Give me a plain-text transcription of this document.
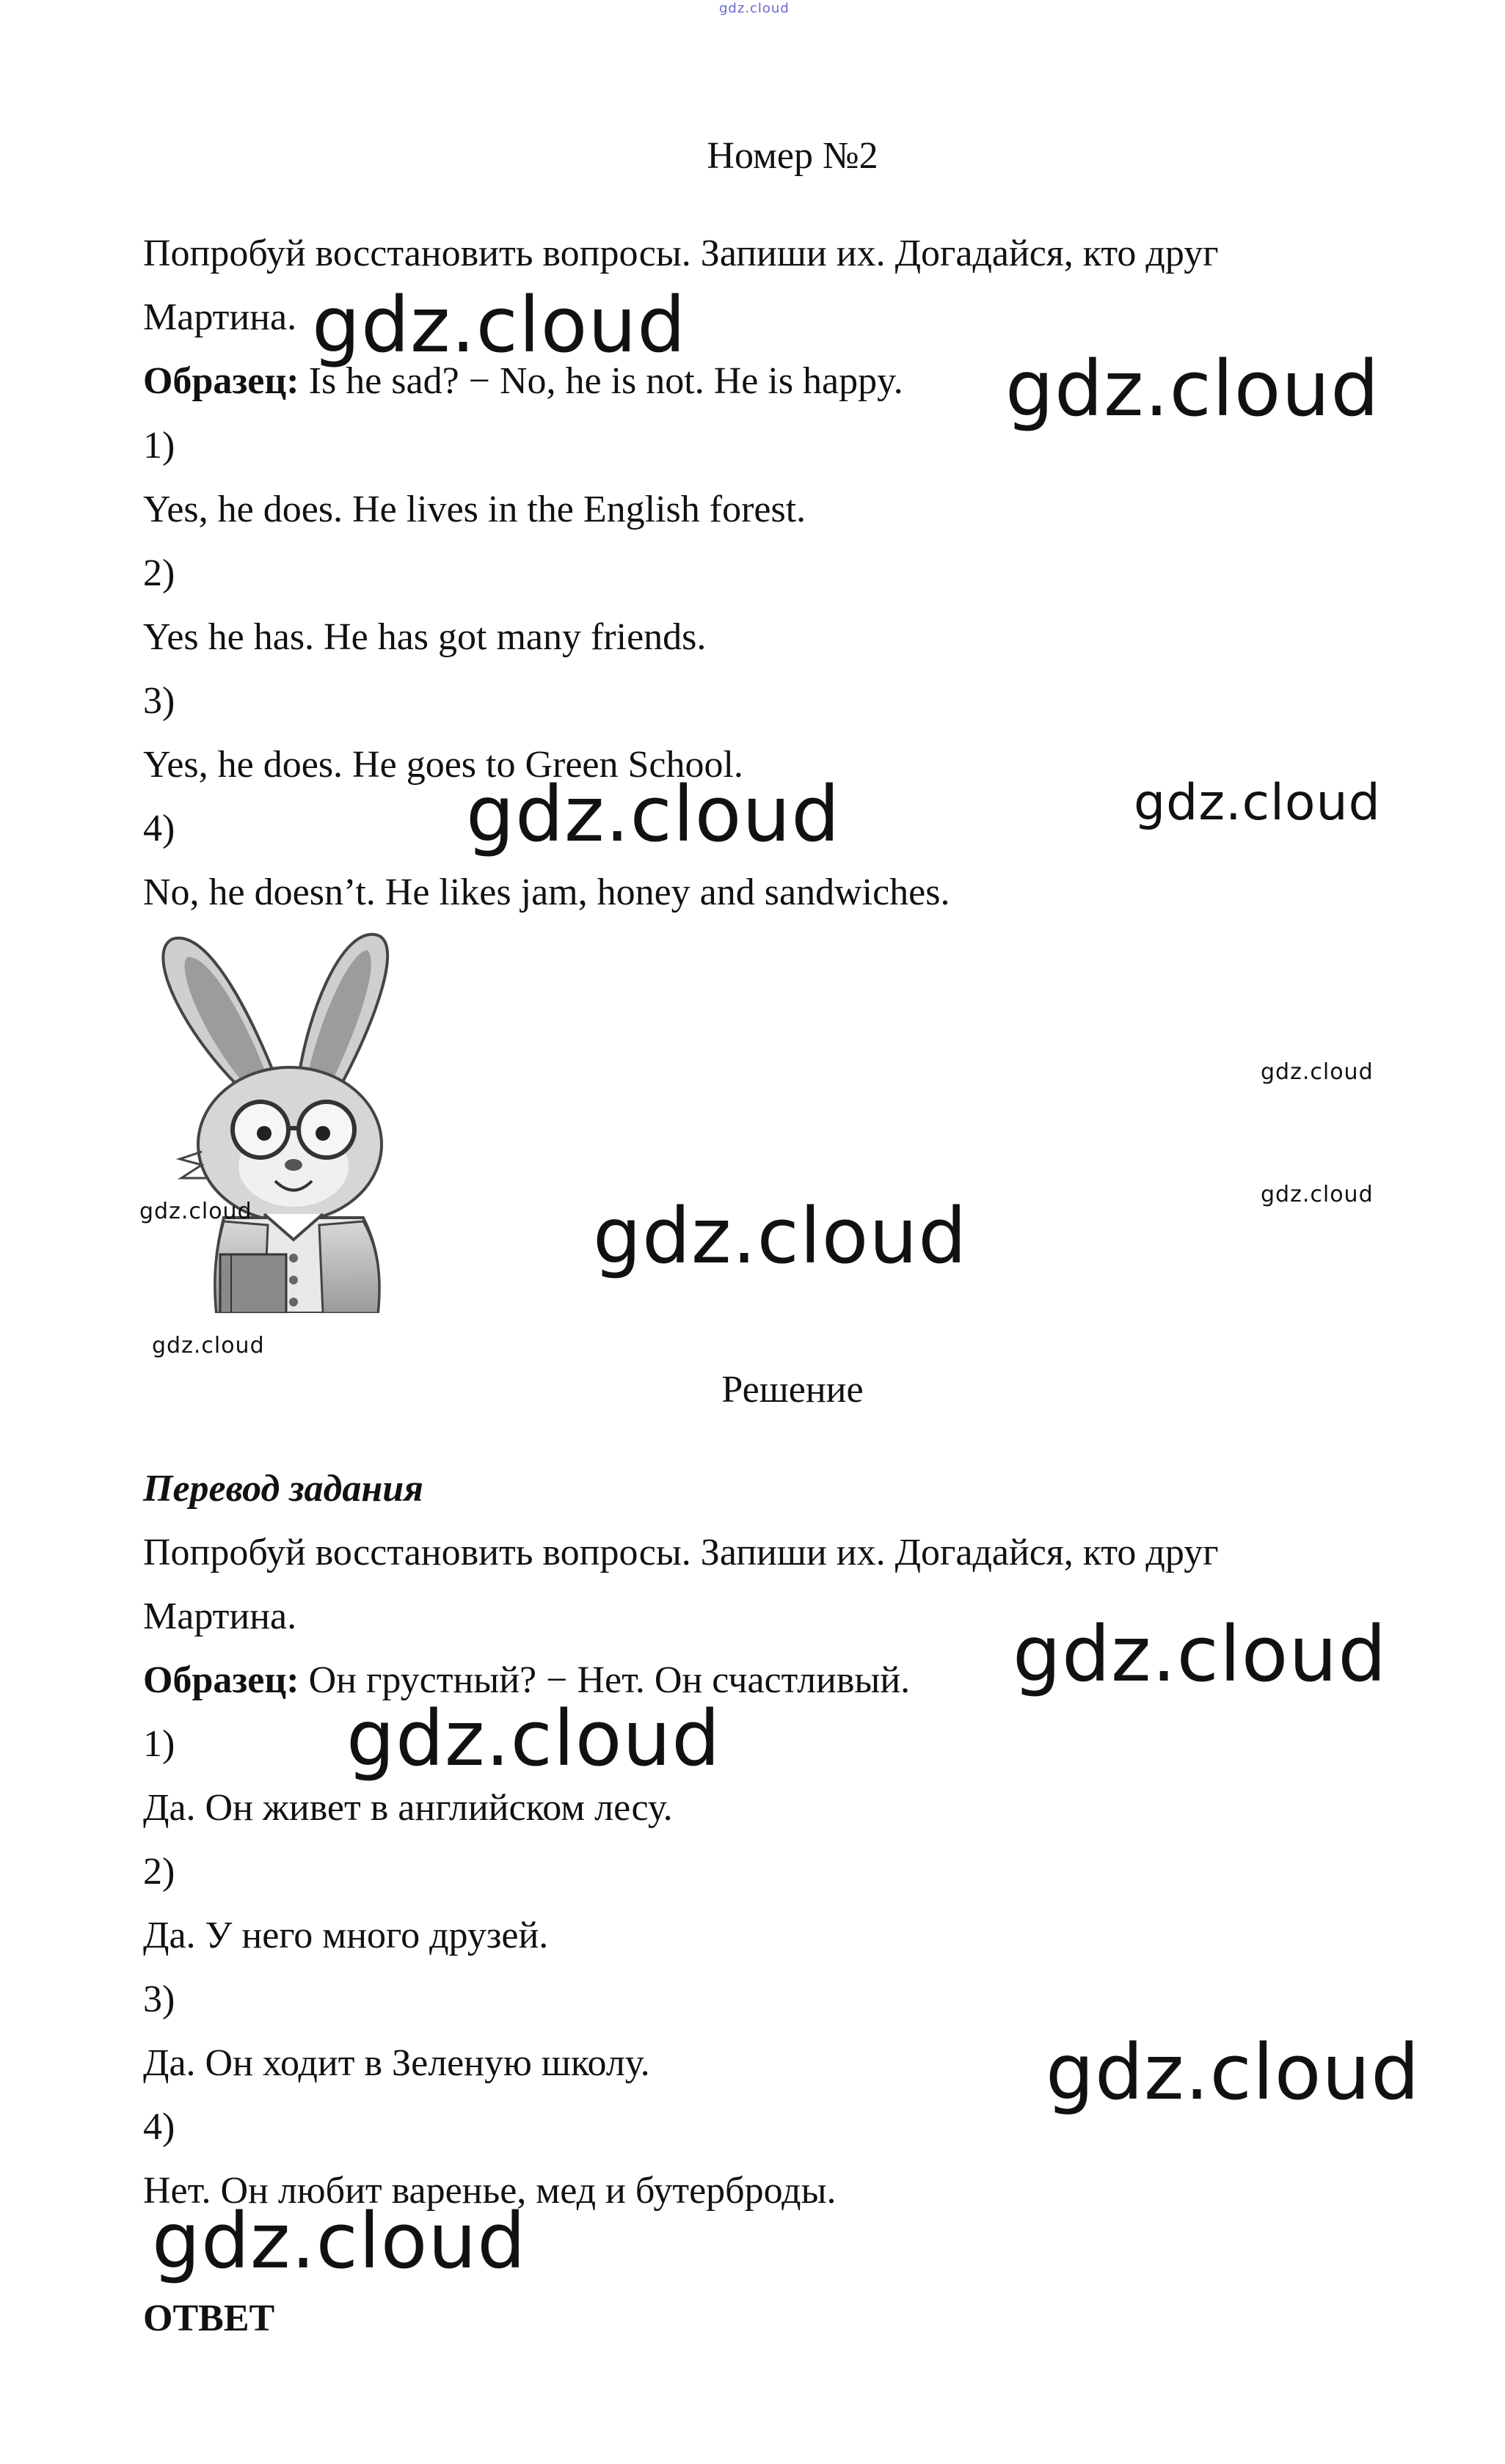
gdz.cloud
Номер №2
Попробуй восстановить вопросы. Запиши их. Догадайся, кто друг
Мартина.
Образец: Is he sad? − No, he is not. He is happy.
1)
Yes, he does. He lives in the English forest.
2)
Yes he has. He has got many friends.
3)
Yes, he does. He goes to Green School.
4)
No, he doesn’t. He likes jam, honey and sandwiches.
Решение
Перевод задания
Попробуй восстановить вопросы. Запиши их. Догадайся, кто друг
Мартина.
Образец: Он грустный? − Нет. Он счастливый.
1)
Да. Он живет в английском лесу.
2)
Да. У него много друзей.
3)
Да. Он ходит в Зеленую школу.
4)
Нет. Он любит варенье, мед и бутерброды.
ОТВЕТ
gdz.cloud
gdz.cloud
gdz.cloud	gdz.cloud
gdz.cloud
gdz.cloud	gdz.cloud	gdz.cloud
gdz.cloud
gdz.cloud
gdz.cloud
gdz.cloud
gdz.cloud
